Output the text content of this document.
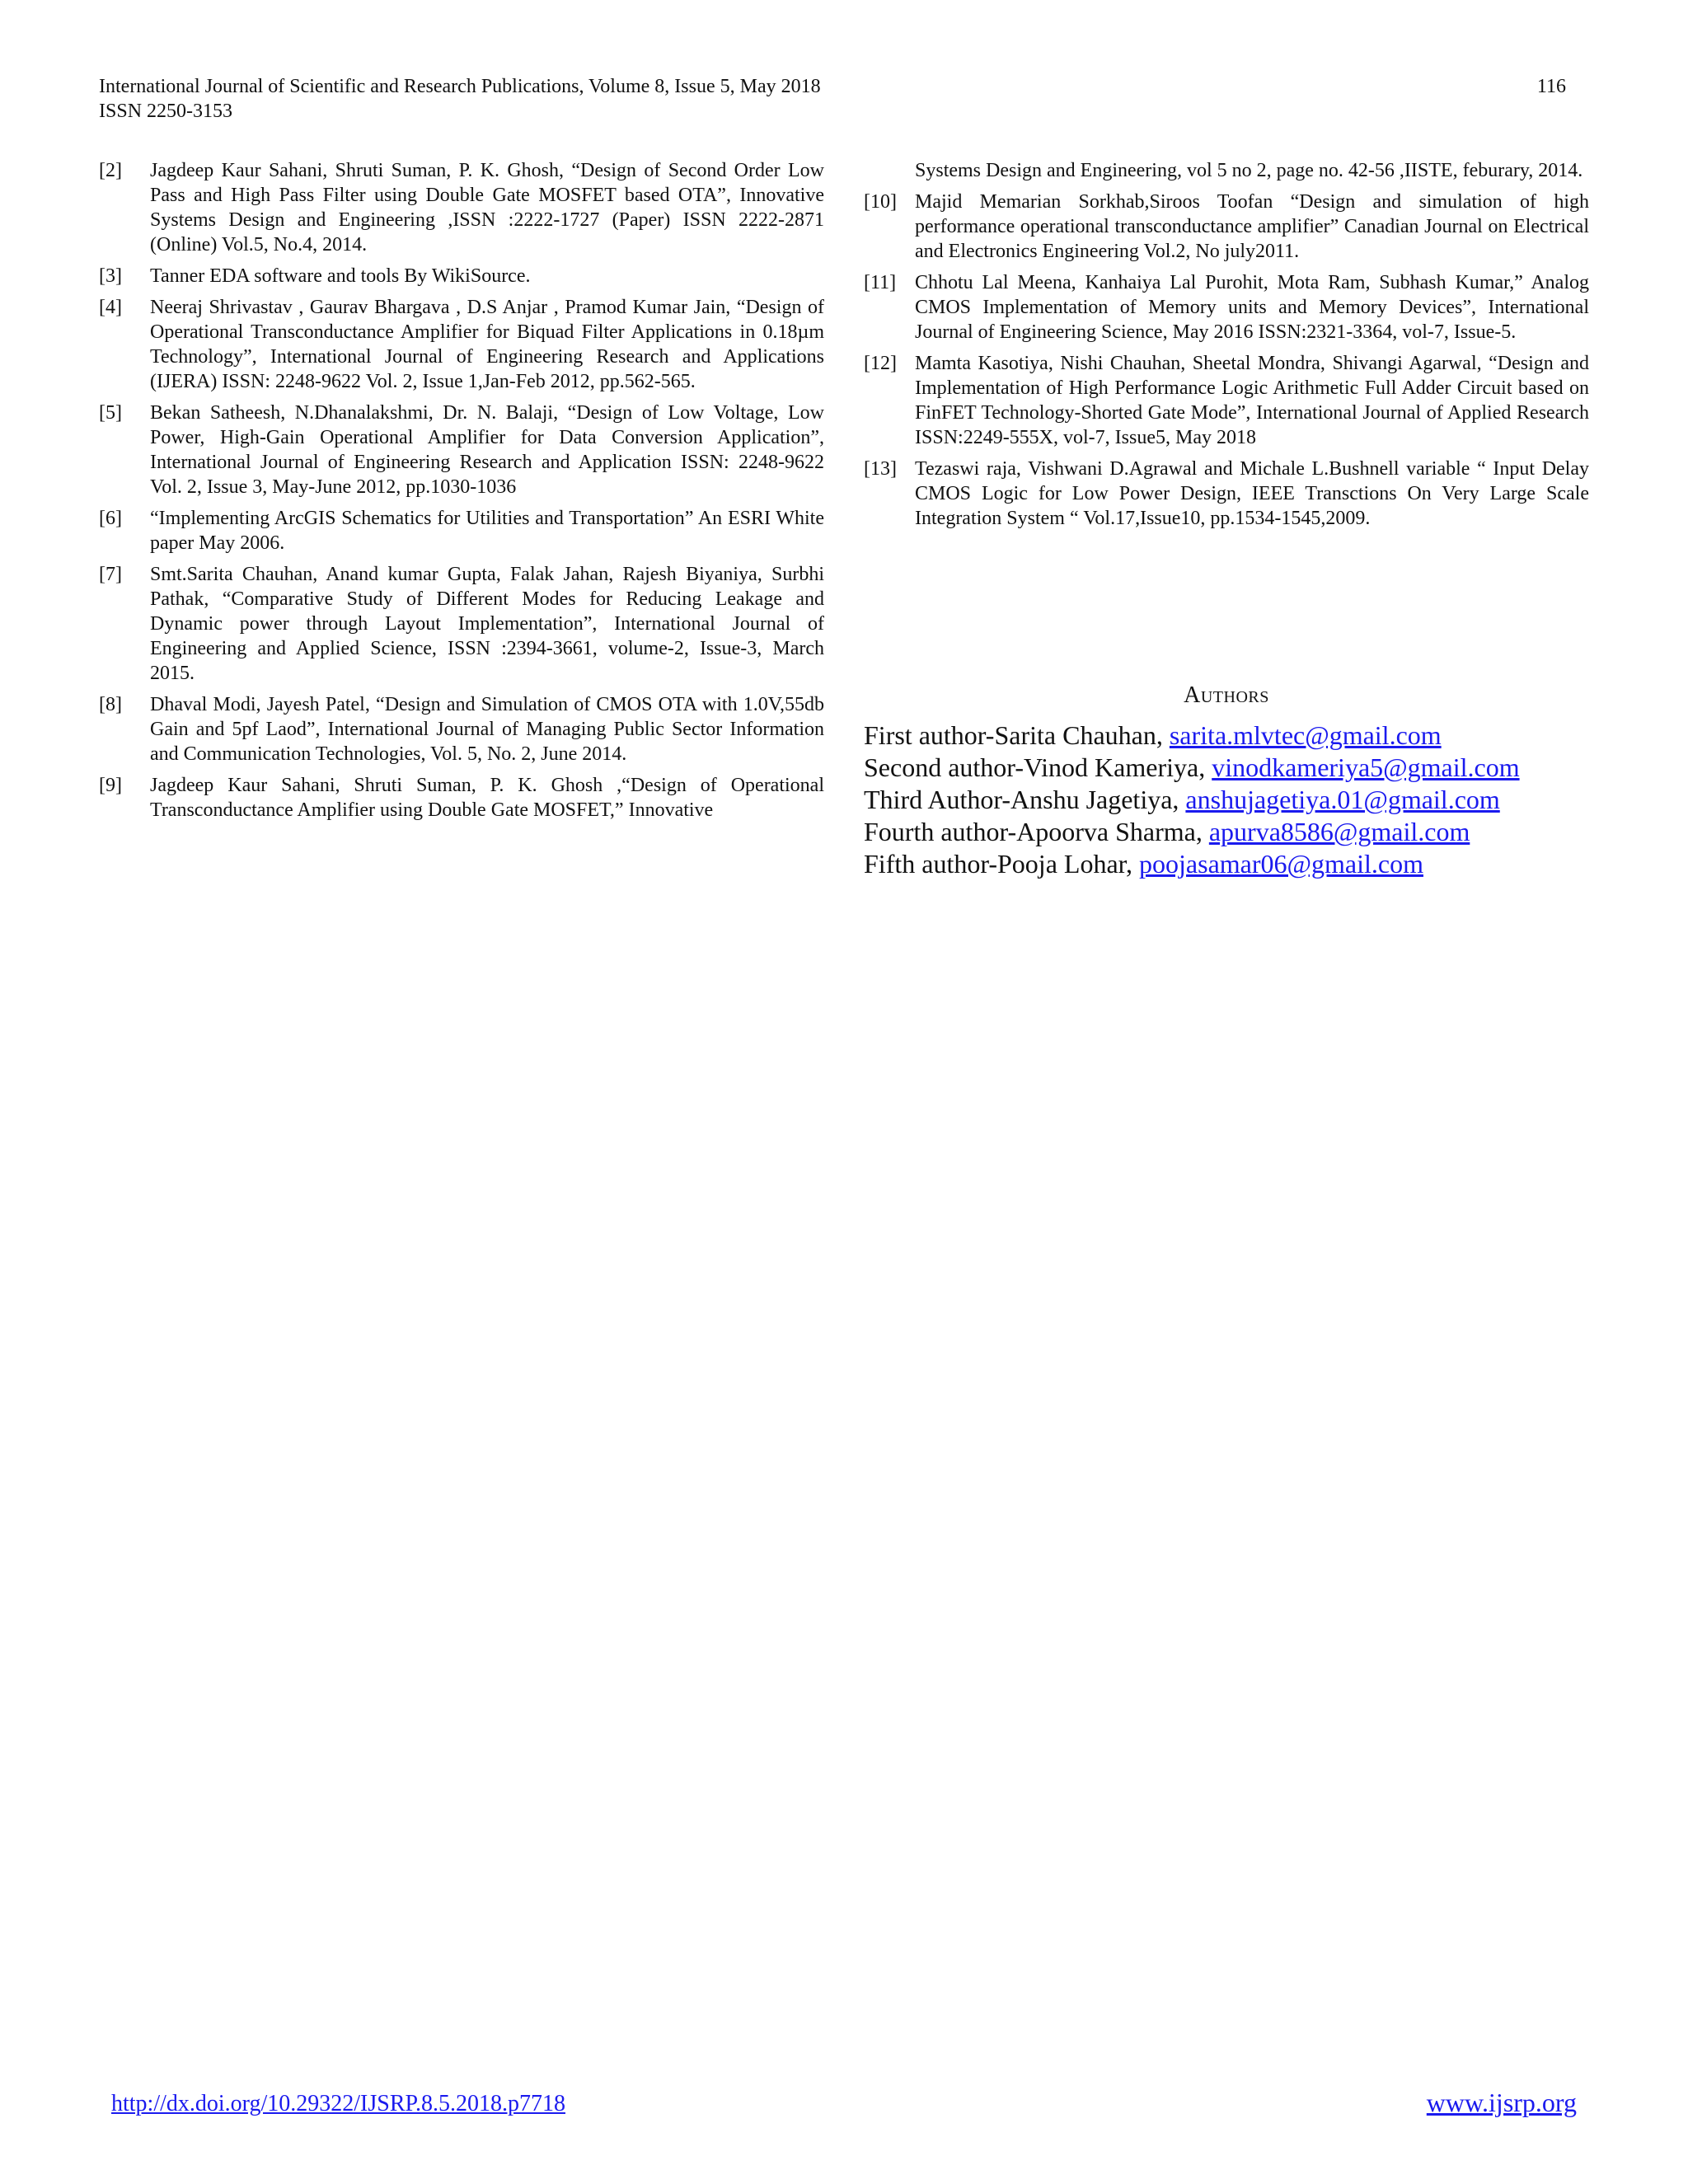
International Journal of Scientific and Research Publications, Volume 8, Issue 5, May 2018
ISSN 2250-3153
116
[2]	Jagdeep Kaur Sahani, Shruti Suman, P. K. Ghosh, “Design of Second Order Low Pass and High Pass Filter using Double Gate MOSFET based OTA”, Innovative Systems Design and Engineering ,ISSN :2222-1727 (Paper) ISSN 2222-2871 (Online) Vol.5, No.4, 2014.
[3]	Tanner EDA software and tools By WikiSource.
[4]	Neeraj Shrivastav , Gaurav Bhargava , D.S Anjar , Pramod Kumar Jain, “Design of Operational Transconductance Amplifier for Biquad Filter Applications in 0.18µm Technology”, International Journal of Engineering Research and Applications (IJERA) ISSN: 2248-9622 Vol. 2, Issue 1,Jan-Feb 2012, pp.562-565.
[5]	Bekan Satheesh, N.Dhanalakshmi, Dr. N. Balaji, “Design of Low Voltage, Low Power, High-Gain Operational Amplifier for Data Conversion Application”, International Journal of Engineering Research and Application ISSN: 2248-9622 Vol. 2, Issue 3, May-June 2012, pp.1030-1036
[6]	“Implementing ArcGIS Schematics for Utilities and Transportation” An ESRI White paper May 2006.
[7]	Smt.Sarita Chauhan, Anand kumar Gupta, Falak Jahan, Rajesh Biyaniya, Surbhi Pathak, “Comparative Study of Different Modes for Reducing Leakage and Dynamic power through Layout Implementation”, International Journal of Engineering and Applied Science, ISSN :2394-3661, volume-2, Issue-3, March 2015.
[8]	Dhaval Modi, Jayesh Patel, “Design and Simulation of CMOS OTA with 1.0V,55db Gain and 5pf Laod”, International Journal of Managing Public Sector Information and Communication Technologies, Vol. 5, No. 2, June 2014.
[9]	Jagdeep Kaur Sahani, Shruti Suman, P. K. Ghosh ,“Design of Operational Transconductance Amplifier using Double Gate MOSFET,” Innovative
Systems Design and Engineering, vol 5 no 2, page no. 42-56 ,IISTE, feburary, 2014.
[10] Majid Memarian Sorkhab,Siroos Toofan “Design and simulation of high performance operational transconductance amplifier” Canadian Journal on Electrical and Electronics Engineering Vol.2, No july2011.
[11] Chhotu Lal Meena, Kanhaiya Lal Purohit, Mota Ram, Subhash Kumar,” Analog CMOS Implementation of Memory units and Memory Devices”, International Journal of Engineering Science, May 2016 ISSN:2321-3364, vol-7, Issue-5.
[12] Mamta Kasotiya, Nishi Chauhan, Sheetal Mondra, Shivangi Agarwal, “Design and Implementation of High Performance Logic Arithmetic Full Adder Circuit based on FinFET Technology-Shorted Gate Mode”, International Journal of Applied Research ISSN:2249-555X, vol-7, Issue5, May 2018
[13] Tezaswi raja, Vishwani D.Agrawal and Michale L.Bushnell variable “ Input Delay CMOS Logic for Low Power Design, IEEE Transctions On Very Large Scale Integration System “ Vol.17,Issue10, pp.1534-1545,2009.
Authors
First author-Sarita Chauhan, sarita.mlvtec@gmail.com
Second author-Vinod Kameriya, vinodkameriya5@gmail.com
Third Author-Anshu Jagetiya, anshujagetiya.01@gmail.com
Fourth author-Apoorva Sharma, apurva8586@gmail.com
Fifth author-Pooja Lohar, poojasamar06@gmail.com
http://dx.doi.org/10.29322/IJSRP.8.5.2018.p7718	www.ijsrp.org
